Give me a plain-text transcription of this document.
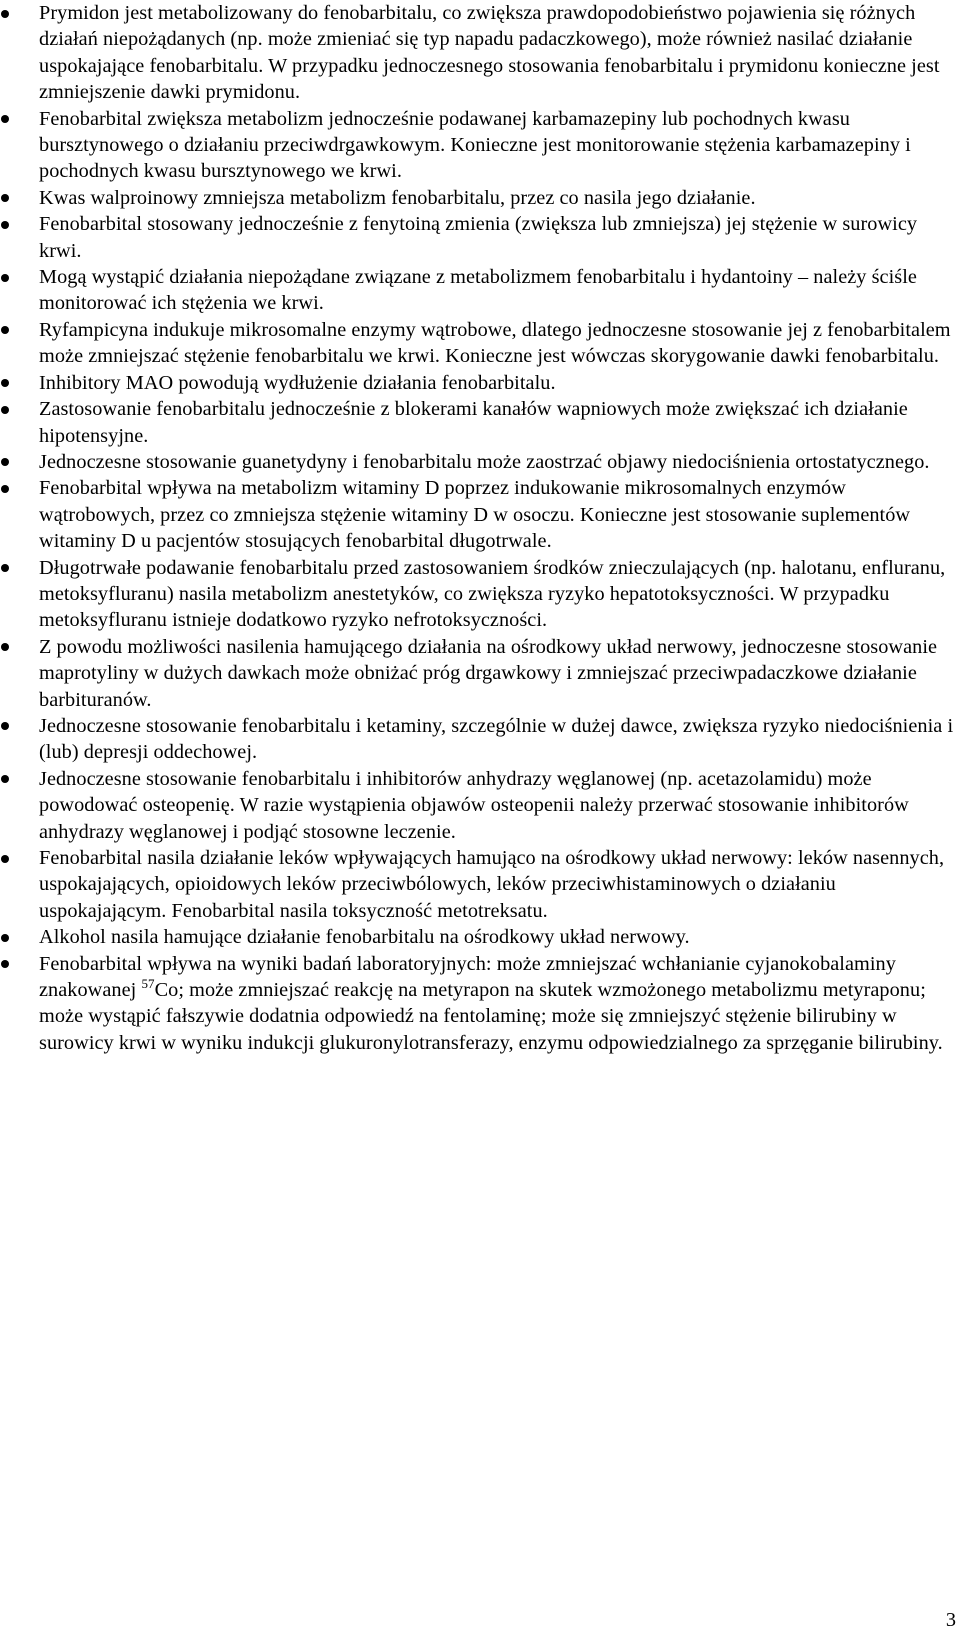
Prymidon jest metabolizowany do fenobarbitalu, co zwiększa prawdopodobieństwo pojawienia się różnych działań niepożądanych (np. może zmieniać się typ napadu padaczkowego), może również nasilać działanie uspokajające fenobarbitalu. W przypadku jednoczesnego stosowania fenobarbitalu i prymidonu konieczne jest zmniejszenie dawki prymidonu.
Fenobarbital zwiększa metabolizm jednocześnie podawanej karbamazepiny lub pochodnych kwasu bursztynowego o działaniu przeciwdrgawkowym. Konieczne jest monitorowanie stężenia karbamazepiny i pochodnych kwasu bursztynowego we krwi.
Kwas walproinowy zmniejsza metabolizm fenobarbitalu, przez co nasila jego działanie.
Fenobarbital stosowany jednocześnie z fenytoiną zmienia (zwiększa lub zmniejsza) jej stężenie w surowicy krwi.
Mogą wystąpić działania niepożądane związane z metabolizmem fenobarbitalu i hydantoiny – należy ściśle monitorować ich stężenia we krwi.
Ryfampicyna indukuje mikrosomalne enzymy wątrobowe, dlatego jednoczesne stosowanie jej z fenobarbitalem może zmniejszać stężenie fenobarbitalu we krwi. Konieczne jest wówczas skorygowanie dawki fenobarbitalu.
Inhibitory MAO powodują wydłużenie działania fenobarbitalu.
Zastosowanie fenobarbitalu jednocześnie z blokerami kanałów wapniowych może zwiększać ich działanie hipotensyjne.
Jednoczesne stosowanie guanetydyny i fenobarbitalu może zaostrzać objawy niedociśnienia ortostatycznego.
Fenobarbital wpływa na metabolizm witaminy D poprzez indukowanie mikrosomalnych enzymów wątrobowych, przez co zmniejsza stężenie witaminy D w osoczu. Konieczne jest stosowanie suplementów witaminy D u pacjentów stosujących fenobarbital długotrwale.
Długotrwałe podawanie fenobarbitalu przed zastosowaniem środków znieczulających (np. halotanu, enfluranu, metoksyfluranu) nasila metabolizm anestetyków, co zwiększa ryzyko hepatotoksyczności. W przypadku metoksyfluranu istnieje dodatkowo ryzyko nefrotoksyczności.
Z powodu możliwości nasilenia hamującego działania na ośrodkowy układ nerwowy, jednoczesne stosowanie maprotyliny w dużych dawkach może obniżać próg drgawkowy i zmniejszać przeciwpadaczkowe działanie barbituranów.
Jednoczesne stosowanie fenobarbitalu i ketaminy, szczególnie w dużej dawce, zwiększa ryzyko niedociśnienia i (lub) depresji oddechowej.
Jednoczesne stosowanie fenobarbitalu i inhibitorów anhydrazy węglanowej (np. acetazolamidu) może powodować osteopenię. W razie wystąpienia objawów osteopenii należy przerwać stosowanie inhibitorów anhydrazy węglanowej i podjąć stosowne leczenie.
Fenobarbital nasila działanie leków wpływających hamująco na ośrodkowy układ nerwowy: leków nasennych, uspokajających, opioidowych leków przeciwbólowych, leków przeciwhistaminowych o działaniu uspokajającym. Fenobarbital nasila toksyczność metotreksatu.
Alkohol nasila hamujące działanie fenobarbitalu na ośrodkowy układ nerwowy.
Fenobarbital wpływa na wyniki badań laboratoryjnych: może zmniejszać wchłanianie cyjanokobalaminy znakowanej $^{57}$Co; może zmniejszać reakcję na metyrapon na skutek wzmożonego metabolizmu metyraponu; może wystąpić fałszywie dodatnia odpowiedź na fentolaminę; może się zmniejszyć stężenie bilirubiny w surowicy krwi w wyniku indukcji glukuronylotransferazy, enzymu odpowiedzialnego za sprzęganie bilirubiny.
3
